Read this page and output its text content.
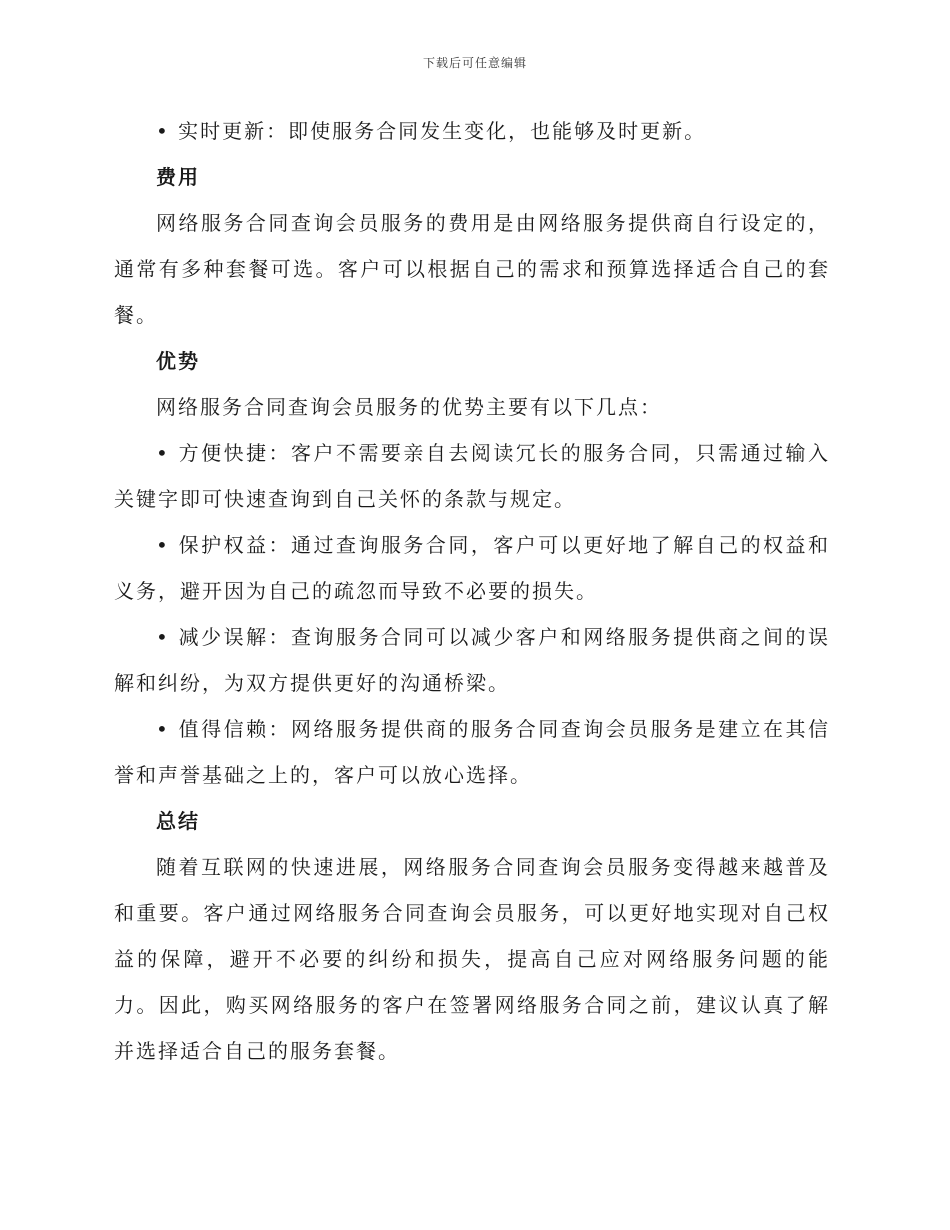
下载后可任意编辑

• 实时更新：即使服务合同发生变化，也能够及时更新。

费用

网络服务合同查询会员服务的费用是由网络服务提供商自行设定的，通常有多种套餐可选。客户可以根据自己的需求和预算选择适合自己的套餐。

优势

网络服务合同查询会员服务的优势主要有以下几点：

• 方便快捷：客户不需要亲自去阅读冗长的服务合同，只需通过输入关键字即可快速查询到自己关怀的条款与规定。

• 保护权益：通过查询服务合同，客户可以更好地了解自己的权益和义务，避开因为自己的疏忽而导致不必要的损失。

• 减少误解：查询服务合同可以减少客户和网络服务提供商之间的误解和纠纷，为双方提供更好的沟通桥梁。

• 值得信赖：网络服务提供商的服务合同查询会员服务是建立在其信誉和声誉基础之上的，客户可以放心选择。

总结

随着互联网的快速进展，网络服务合同查询会员服务变得越来越普及和重要。客户通过网络服务合同查询会员服务，可以更好地实现对自己权益的保障，避开不必要的纠纷和损失，提高自己应对网络服务问题的能力。因此，购买网络服务的客户在签署网络服务合同之前，建议认真了解并选择适合自己的服务套餐。
